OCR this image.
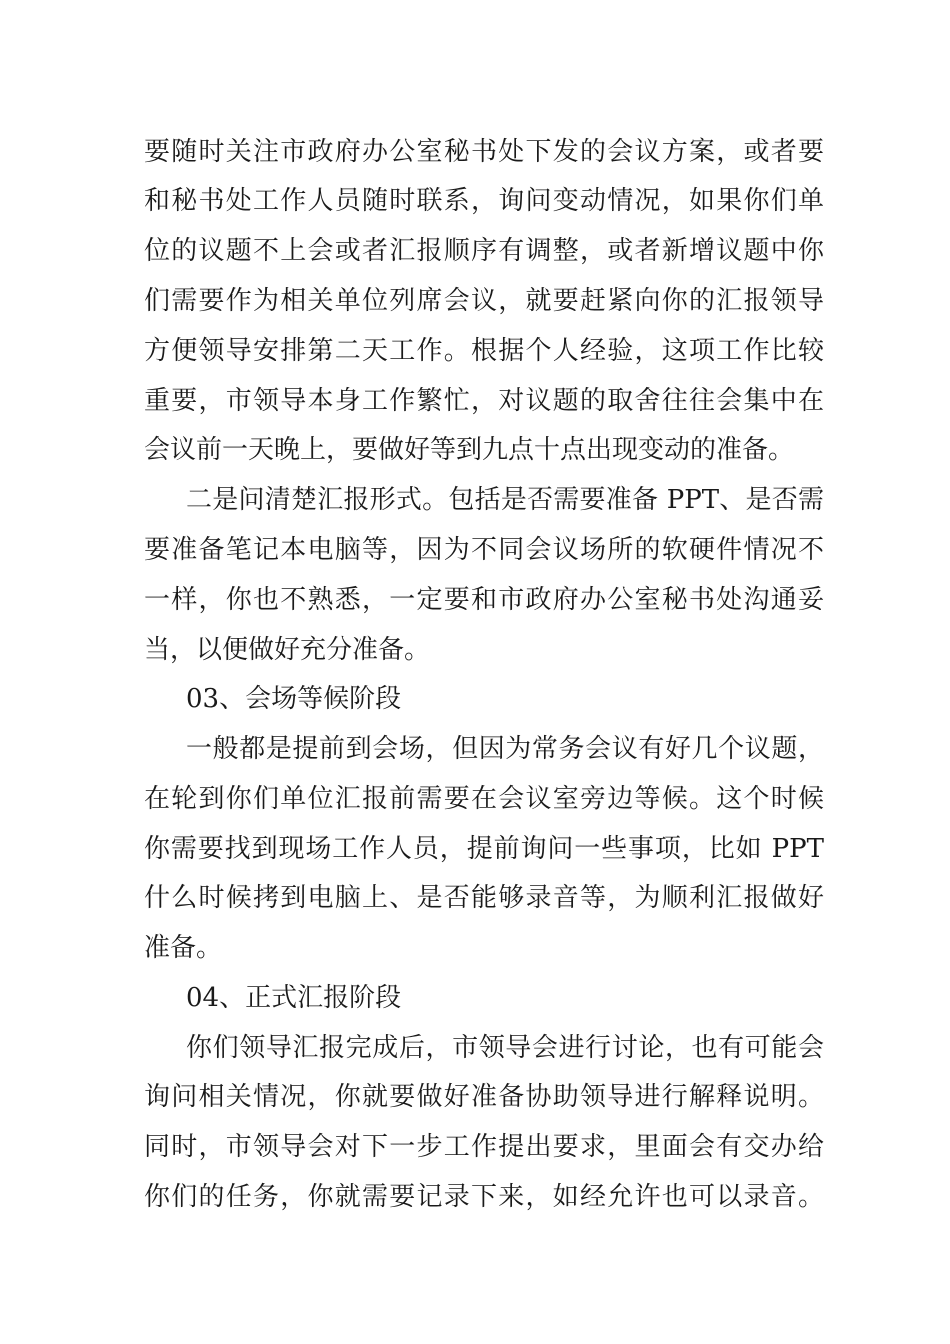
要随时关注市政府办公室秘书处下发的会议方案，或者要
和秘书处工作人员随时联系，询问变动情况，如果你们单
位的议题不上会或者汇报顺序有调整，或者新增议题中你
们需要作为相关单位列席会议，就要赶紧向你的汇报领导
方便领导安排第二天工作。根据个人经验，这项工作比较
重要，市领导本身工作繁忙，对议题的取舍往往会集中在
会议前一天晚上，要做好等到九点十点出现变动的准备。
二是问清楚汇报形式。包括是否需要准备 PPT、是否需
要准备笔记本电脑等，因为不同会议场所的软硬件情况不
一样，你也不熟悉，一定要和市政府办公室秘书处沟通妥
当，以便做好充分准备。
03、会场等候阶段
一般都是提前到会场，但因为常务会议有好几个议题，
在轮到你们单位汇报前需要在会议室旁边等候。这个时候
你需要找到现场工作人员，提前询问一些事项，比如 PPT
什么时候拷到电脑上、是否能够录音等，为顺利汇报做好
准备。
04、正式汇报阶段
你们领导汇报完成后，市领导会进行讨论，也有可能会
询问相关情况，你就要做好准备协助领导进行解释说明。
同时，市领导会对下一步工作提出要求，里面会有交办给
你们的任务，你就需要记录下来，如经允许也可以录音。
